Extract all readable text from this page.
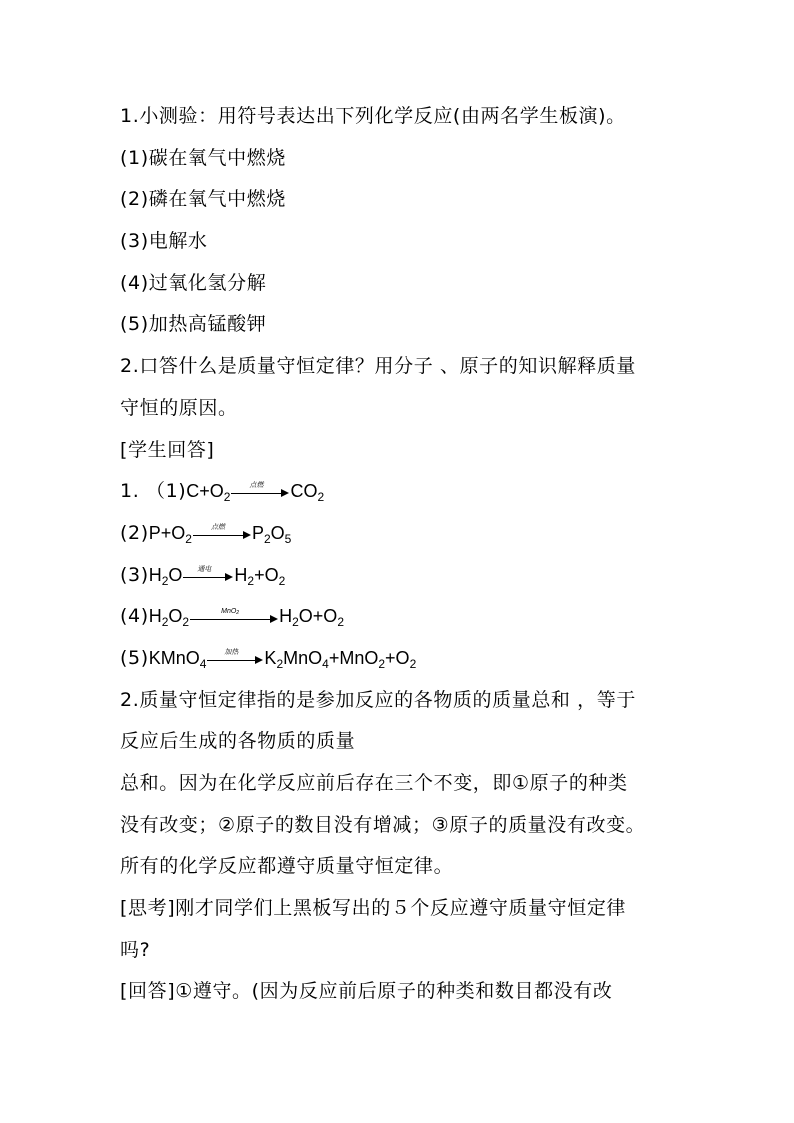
1.小测验：用符号表达出下列化学反应(由两名学生板演)。
(1)碳在氧气中燃烧
(2)磷在氧气中燃烧
(3)电解水
(4)过氧化氢分解
(5)加热高锰酸钾
2.口答什么是质量守恒定律？用分子 、原子的知识解释质量
守恒的原因。
[学生回答]
1. $(1)C+O_2$
点燃	$CO_2$
$(2)P+O_2$
点燃	$P_2O_5$
$(3)H_2O$	通电	$H_2+O_2$
$(4)H_2O_2$
MnO$_2$	$H_2O+O_2$
(5)KMnO$_4$
加热	$K_2MnO_4+MnO_2+O_2$
2.质量守恒定律指的是参加反应的各物质的质量总和 ，等于
反应后生成的各物质的质量
总和。因为在化学反应前后存在三个不变，即①原子的种类
没有改变；②原子的数目没有增减；③原子的质量没有改变。
所有的化学反应都遵守质量守恒定律。
[思考]刚才同学们上黑板写出的５个反应遵守质量守恒定律
吗?
[回答]①遵守。(因为反应前后原子的种类和数目都没有改
